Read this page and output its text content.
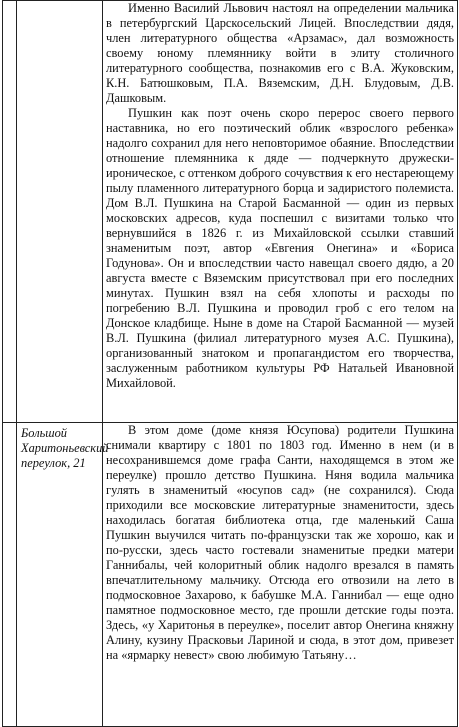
		Именно Василий Львович настоял на определении мальчика в петербургский Царскосельский Лицей. Впоследствии дядя, член литературного общества «Арзамас», дал возможность своему юному племяннику войти в элиту столичного литературного сообщества, познакомив его с В.А. Жуковским, К.Н. Батюшковым, П.А. Вяземским, Д.Н. Блудовым, Д.В. Дашковым.

Пушкин как поэт очень скоро перерос своего первого наставника, но его поэтический облик «взрослого ребенка» надолго сохранил для него неповторимое обаяние. Впоследствии отношение племянника к дяде — подчеркнуто дружески-ироническое, с оттенком доброго сочувствия к его нестареющему пылу пламенного литературного борца и задиристого полемиста. Дом В.Л. Пушкина на Старой Басманной — один из первых московских адресов, куда поспешил с визитами только что вернувшийся в 1826 г. из Михайловской ссылки ставший знаменитым поэт, автор «Евгения Онегина» и «Бориса Годунова». Он и впоследствии часто навещал своего дядю, а 20 августа вместе с Вяземским присутствовал при его последних минутах. Пушкин взял на себя хлопоты и расходы по погребению В.Л. Пушкина и проводил гроб с его телом на Донское кладбище. Ныне в доме на Старой Басманной — музей В.Л. Пушкина (филиал литературного музея А.С. Пушкина), организованный знатоком и пропагандистом его творчества, заслуженным работником культуры РФ Натальей Ивановной Михайловой.

	Большой Харитоньевский переулок, 21	В этом доме (доме князя Юсупова) родители Пушкина снимали квартиру с 1801 по 1803 год. Именно в нем (и в несохранившемся доме графа Санти, находящемся в этом же переулке) прошло детство Пушкина. Няня водила мальчика гулять в знаменитый «юсупов сад» (не сохранился). Сюда приходили все московские литературные знаменитости, здесь находилась богатая библиотека отца, где маленький Саша Пушкин выучился читать по-французски так же хорошо, как и по-русски, здесь часто гостевали знаменитые предки матери Ганнибалы, чей колоритный облик надолго врезался в память впечатлительному мальчику. Отсюда его отвозили на лето в подмосковное Захарово, к бабушке М.А. Ганнибал — еще одно памятное подмосковное место, где прошли детские годы поэта. Здесь, «у Харитонья в переулке», поселит автор Онегина княжну Алину, кузину Прасковьи Лариной и сюда, в этот дом, привезет на «ярмарку невест» свою любимую Татьяну…
